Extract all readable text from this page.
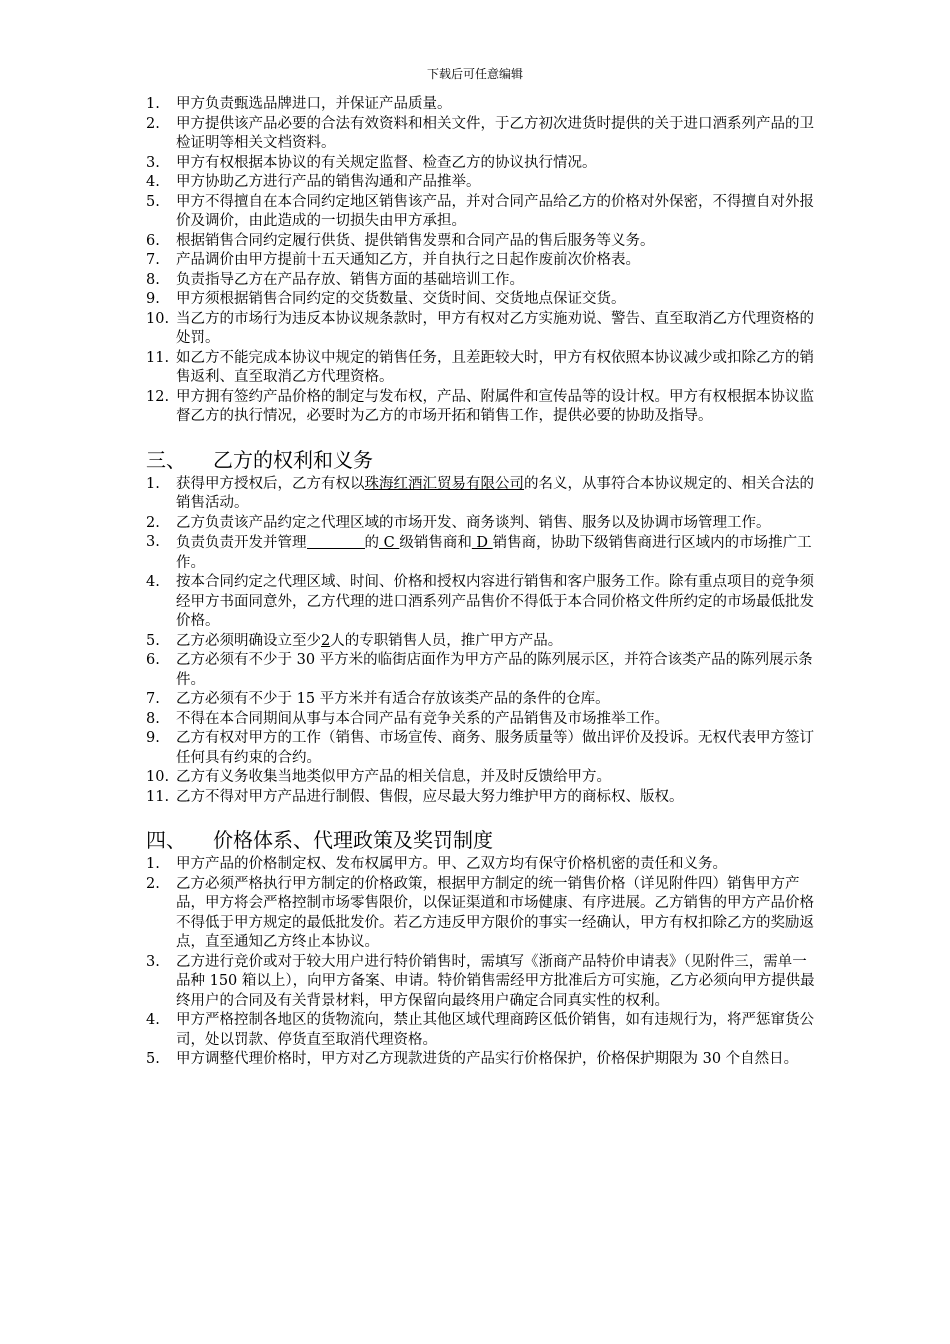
下载后可任意编辑
1. 甲方负责甄选品牌进口，并保证产品质量。
2. 甲方提供该产品必要的合法有效资料和相关文件，于乙方初次进货时提供的关于进口酒系列产品的卫检证明等相关文档资料。
3. 甲方有权根据本协议的有关规定监督、检查乙方的协议执行情况。
4. 甲方协助乙方进行产品的销售沟通和产品推举。
5. 甲方不得擅自在本合同约定地区销售该产品，并对合同产品给乙方的价格对外保密，不得擅自对外报价及调价，由此造成的一切损失由甲方承担。
6. 根据销售合同约定履行供货、提供销售发票和合同产品的售后服务等义务。
7. 产品调价由甲方提前十五天通知乙方，并自执行之日起作废前次价格表。
8. 负责指导乙方在产品存放、销售方面的基础培训工作。
9. 甲方须根据销售合同约定的交货数量、交货时间、交货地点保证交货。
10. 当乙方的市场行为违反本协议规条款时，甲方有权对乙方实施劝说、警告、直至取消乙方代理资格的处罚。
11. 如乙方不能完成本协议中规定的销售任务，且差距较大时，甲方有权依照本协议减少或扣除乙方的销售返利、直至取消乙方代理资格。
12. 甲方拥有签约产品价格的制定与发布权，产品、附属件和宣传品等的设计权。甲方有权根据本协议监督乙方的执行情况，必要时为乙方的市场开拓和销售工作，提供必要的协助及指导。
三、 乙方的权利和义务
1. 获得甲方授权后，乙方有权以珠海红酒汇贸易有限公司的名义，从事符合本协议规定的、相关合法的销售活动。
2. 乙方负责该产品约定之代理区域的市场开发、商务谈判、销售、服务以及协调市场管理工作。
3. 负责负责开发并管理	的 C 级销售商和 D 销售商，协助下级销售商进行区域内的市场推广工作。
4. 按本合同约定之代理区域、时间、价格和授权内容进行销售和客户服务工作。除有重点项目的竞争须经甲方书面同意外，乙方代理的进口酒系列产品售价不得低于本合同价格文件所约定的市场最低批发价格。
5. 乙方必须明确设立至少2人的专职销售人员，推广甲方产品。
6. 乙方必须有不少于 30 平方米的临街店面作为甲方产品的陈列展示区，并符合该类产品的陈列展示条件。
7. 乙方必须有不少于 15 平方米并有适合存放该类产品的条件的仓库。
8. 不得在本合同期间从事与本合同产品有竞争关系的产品销售及市场推举工作。
9. 乙方有权对甲方的工作（销售、市场宣传、商务、服务质量等）做出评价及投诉。无权代表甲方签订任何具有约束的合约。
10. 乙方有义务收集当地类似甲方产品的相关信息，并及时反馈给甲方。
11. 乙方不得对甲方产品进行制假、售假，应尽最大努力维护甲方的商标权、版权。
四、 价格体系、代理政策及奖罚制度
1. 甲方产品的价格制定权、发布权属甲方。甲、乙双方均有保守价格机密的责任和义务。
2. 乙方必须严格执行甲方制定的价格政策，根据甲方制定的统一销售价格（详见附件四）销售甲方产品，甲方将会严格控制市场零售限价，以保证渠道和市场健康、有序进展。乙方销售的甲方产品价格不得低于甲方规定的最低批发价。若乙方违反甲方限价的事实一经确认，甲方有权扣除乙方的奖励返点，直至通知乙方终止本协议。
3. 乙方进行竞价或对于较大用户进行特价销售时，需填写《浙商产品特价申请表》（见附件三，需单一品种 150 箱以上），向甲方备案、申请。特价销售需经甲方批准后方可实施，乙方必须向甲方提供最终用户的合同及有关背景材料，甲方保留向最终用户确定合同真实性的权利。
4. 甲方严格控制各地区的货物流向，禁止其他区域代理商跨区低价销售，如有违规行为，将严惩窜货公司，处以罚款、停货直至取消代理资格。
5. 甲方调整代理价格时，甲方对乙方现款进货的产品实行价格保护，价格保护期限为 30 个自然日。
